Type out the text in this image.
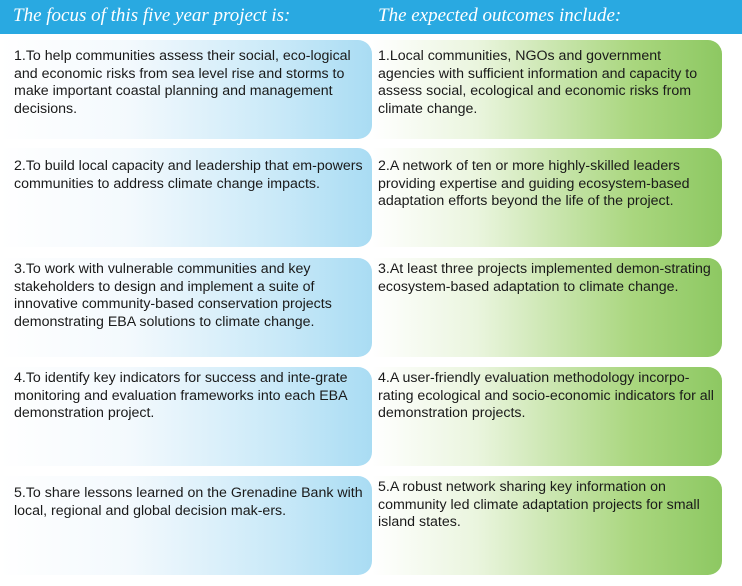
The focus of this five year project is:	The expected outcomes include:
1.To help communities assess their social, eco-logical and economic risks from sea level rise and storms to make important coastal planning and management decisions.
2.To build local capacity and leadership that em-powers communities to address climate change impacts.
3.To work with vulnerable communities and key stakeholders to design and implement a suite of innovative community-based conservation projects demonstrating EBA solutions to climate change.
4.To identify key indicators for success and inte-grate monitoring and evaluation frameworks into each EBA demonstration project.
5.To share lessons learned on the Grenadine Bank with local, regional and global decision mak-ers.
1.Local communities, NGOs and government agencies with sufficient information and capacity to assess social, ecological and economic risks from climate change.
2.A network of ten or more highly-skilled leaders providing expertise and guiding ecosystem-based adaptation efforts beyond the life of the project.
3.At least three projects implemented demon-strating ecosystem-based adaptation to climate change.
4.A user-friendly evaluation methodology incorpo-rating ecological and socio-economic indicators for all demonstration projects.
5.A robust network sharing key information on community led climate adaptation projects for small island states.
